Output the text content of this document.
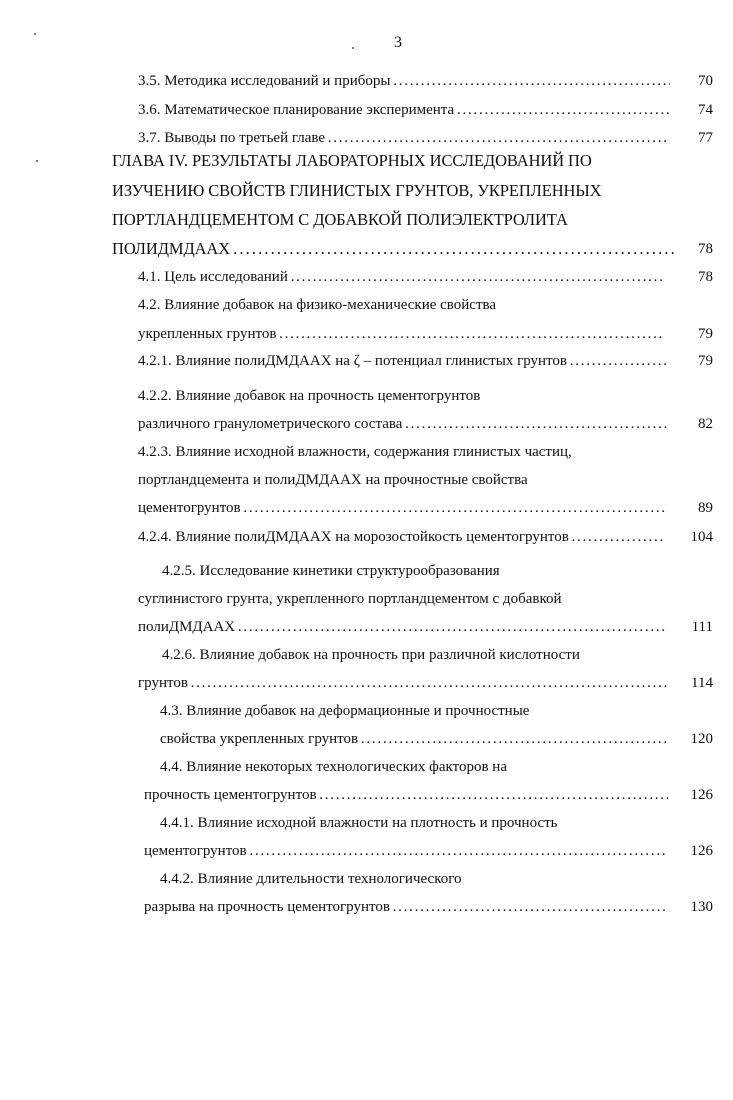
3
3.5. Методика исследований и приборы . . .	70
3.6. Математическое планирование эксперимента . . .	74
3.7. Выводы по третьей главе . . .	77
ГЛАВА IV. РЕЗУЛЬТАТЫ ЛАБОРАТОРНЫХ ИССЛЕДОВАНИЙ ПО
ИЗУЧЕНИЮ СВОЙСТВ ГЛИНИСТЫХ ГРУНТОВ, УКРЕПЛЕННЫХ
ПОРТЛАНДЦЕМЕНТОМ С ДОБАВКОЙ ПОЛИЭЛЕКТРОЛИТА
ПОЛИДМДААХ . . .	78
4.1. Цель исследований . . .	78
4.2. Влияние добавок на физико-механические свойства
укрепленных грунтов . . .	79
4.2.1. Влияние полиДМДААХ на ζ – потенциал глинистых грунтов . . .	79
4.2.2. Влияние добавок на прочность цементогрунтов
различного гранулометрического состава . . .	82
4.2.3. Влияние исходной влажности, содержания глинистых частиц,
портландцемента и полиДМДААХ на прочностные свойства
цементогрунтов . . .	89
4.2.4. Влияние полиДМДААХ на морозостойкость цементогрунтов . . .	104
4.2.5. Исследование кинетики структурообразования
суглинистого грунта, укрепленного портландцементом с добавкой
полиДМДААХ . . .	111
4.2.6. Влияние добавок на прочность при различной кислотности
грунтов . . .	114
4.3. Влияние добавок на деформационные и прочностные
свойства укрепленных грунтов . . .	120
4.4. Влияние некоторых технологических факторов на
прочность цементогрунтов . . .	126
4.4.1. Влияние исходной влажности на плотность и прочность
цементогрунтов . . .	126
4.4.2. Влияние длительности технологического
разрыва на прочность цементогрунтов . . .	130
